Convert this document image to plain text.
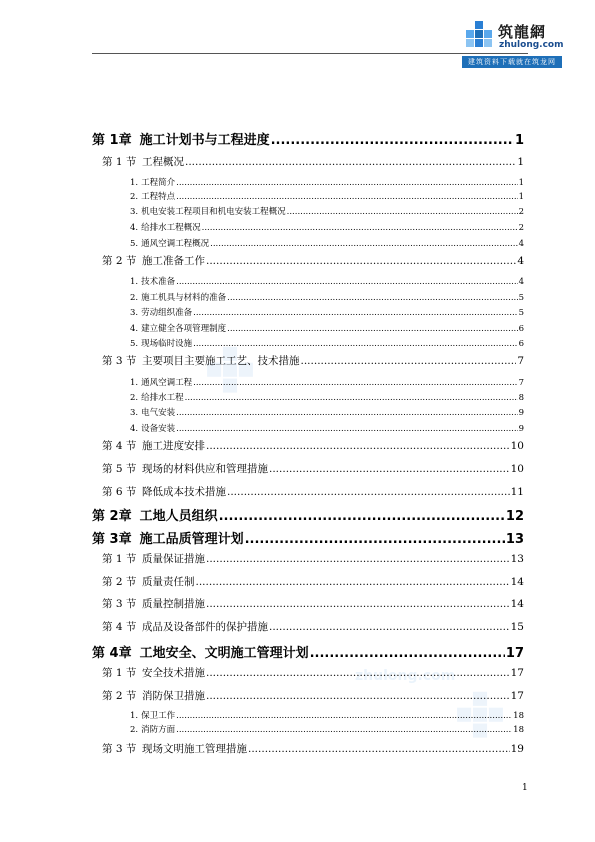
筑龍網
zhulong.com
建筑资料下载就在筑龙网
zhulong.com
第 1章 施工计划书与工程进度 .....	1
第 1 节 工程概况 .....	1
1. 工程简介 .....	1
2. 工程特点 .....	1
3. 机电安装工程项目和机电安装工程概况 .....	2
4. 给排水工程概况 .....	2
5. 通风空调工程概况 .....	4
第 2 节 施工准备工作 .....	4
1. 技术准备 .....	4
2. 施工机具与材料的准备 .....	5
3. 劳动组织准备 .....	5
4. 建立健全各项管理制度 .....	6
5. 现场临时设施 .....	6
第 3 节 主要项目主要施工工艺、技术措施 .....	7
1. 通风空调工程 .....	7
2. 给排水工程 .....	8
3. 电气安装 .....	9
4. 设备安装 .....	9
第 4 节 施工进度安排 .....	10
第 5 节 现场的材料供应和管理措施 .....	10
第 6 节 降低成本技术措施 .....	11
第 2章 工地人员组织 .....	12
第 3章 施工品质管理计划 .....	13
第 1 节 质量保证措施 .....	13
第 2 节 质量责任制 .....	14
第 3 节 质量控制措施 .....	14
第 4 节 成品及设备部件的保护措施 .....	15
第 4章 工地安全、文明施工管理计划 .....	17
第 1 节 安全技术措施 .....	17
第 2 节 消防保卫措施 .....	17
1. 保卫工作 .....	18
2. 消防方面 .....	18
第 3 节 现场文明施工管理措施 .....	19
1
